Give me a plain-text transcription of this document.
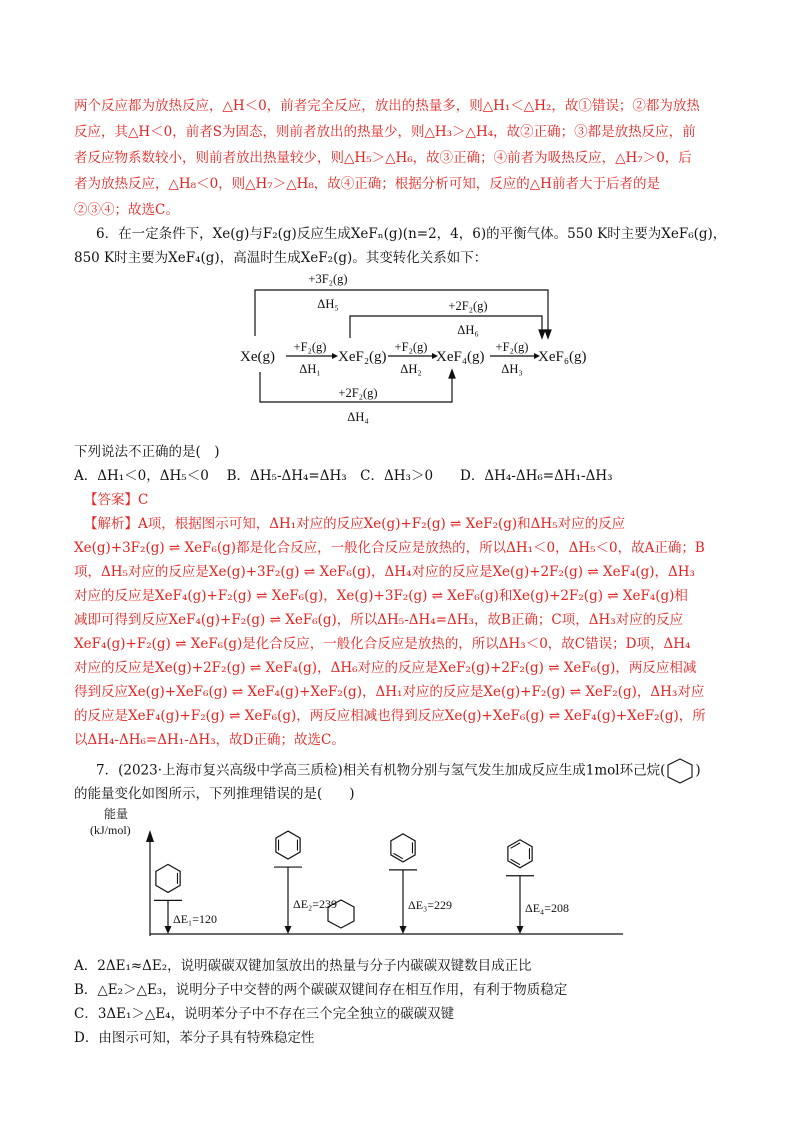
两个反应都为放热反应，△H＜0，前者完全反应，放出的热量多，则△H₁＜△H₂，故①错误；②都为放热
反应，其△H＜0，前者S为固态，则前者放出的热量少，则△H₃＞△H₄，故②正确；③都是放热反应，前
者反应物系数较小，则前者放出热量较少，则△H₅＞△H₆，故③正确；④前者为吸热反应，△H₇＞0，后
者为放热反应，△H₈＜0，则△H₇＞△H₈，故④正确；根据分析可知，反应的△H前者大于后者的是
②③④；故选C。
6．在一定条件下，Xe(g)与F₂(g)反应生成XeFₙ(g)(n=2，4，6)的平衡气体。550 K时主要为XeF₆(g)，
850 K时主要为XeF₄(g)，高温时生成XeF₂(g)。其变转化关系如下：
Xe(g)	XeF₂(g)	XeF₄(g)	XeF₆(g)
+F₂(g)
ΔH₁
+F₂(g)
ΔH₂
+F₂(g)
ΔH₃
+3F₂(g)
ΔH₅	+2F₂(g)
ΔH₆
+2F₂(g)
ΔH₄
下列说法不正确的是(　)
A．ΔH₁＜0，ΔH₅＜0　 B．ΔH₅-ΔH₄=ΔH₃　C．ΔH₃＞0　　D．ΔH₄-ΔH₆=ΔH₁-ΔH₃
【答案】C
【解析】A项，根据图示可知，ΔH₁对应的反应Xe(g)+F₂(g) ⇌ XeF₂(g)和ΔH₅对应的反应
Xe(g)+3F₂(g) ⇌ XeF₆(g)都是化合反应，一般化合反应是放热的，所以ΔH₁＜0，ΔH₅＜0，故A正确；B
项，ΔH₅对应的反应是Xe(g)+3F₂(g) ⇌ XeF₆(g)，ΔH₄对应的反应是Xe(g)+2F₂(g) ⇌ XeF₄(g)，ΔH₃
对应的反应是XeF₄(g)+F₂(g) ⇌ XeF₆(g)，Xe(g)+3F₂(g) ⇌ XeF₆(g)和Xe(g)+2F₂(g) ⇌ XeF₄(g)相
减即可得到反应XeF₄(g)+F₂(g) ⇌ XeF₆(g)，所以ΔH₅-ΔH₄=ΔH₃，故B正确；C项，ΔH₃对应的反应
XeF₄(g)+F₂(g) ⇌ XeF₆(g)是化合反应，一般化合反应是放热的，所以ΔH₃＜0，故C错误；D项，ΔH₄
对应的反应是Xe(g)+2F₂(g) ⇌ XeF₄(g)，ΔH₆对应的反应是XeF₂(g)+2F₂(g) ⇌ XeF₆(g)，两反应相减
得到反应Xe(g)+XeF₆(g) ⇌ XeF₄(g)+XeF₂(g)，ΔH₁对应的反应是Xe(g)+F₂(g) ⇌ XeF₂(g)，ΔH₃对应
的反应是XeF₄(g)+F₂(g) ⇌ XeF₆(g)，两反应相减也得到反应Xe(g)+XeF₆(g) ⇌ XeF₄(g)+XeF₂(g)，所
以ΔH₄-ΔH₆=ΔH₁-ΔH₃，故D正确；故选C。
7．(2023·上海市复兴高级中学高三质检)相关有机物分别与氢气发生加成反应生成1mol环己烷( )
的能量变化如图所示，下列推理错误的是(　　)
能量
(kJ/mol)
ΔE₁=120
ΔE₂=239	ΔE₃=229	ΔE₄=208
A．2ΔE₁≈ΔE₂，说明碳碳双键加氢放出的热量与分子内碳碳双键数目成正比
B．△E₂＞△E₃，说明分子中交替的两个碳碳双键间存在相互作用，有利于物质稳定
C．3ΔE₁＞△E₄，说明苯分子中不存在三个完全独立的碳碳双键
D．由图示可知，苯分子具有特殊稳定性
